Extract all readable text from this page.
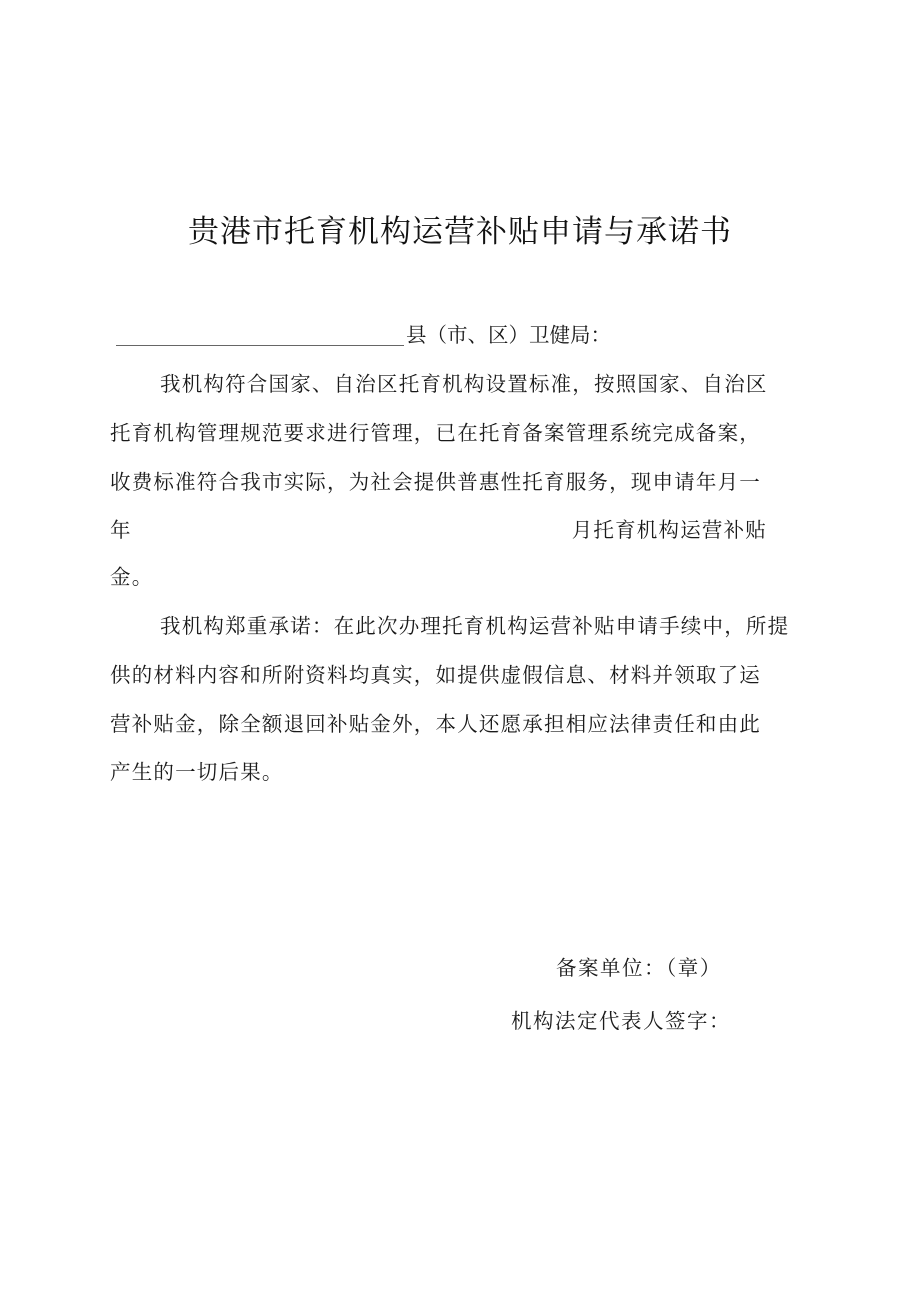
贵港市托育机构运营补贴申请与承诺书
县（市、区）卫健局：
我机构符合国家、自治区托育机构设置标准，按照国家、自治区
托育机构管理规范要求进行管理，已在托育备案管理系统完成备案，
收费标准符合我市实际，为社会提供普惠性托育服务，现申请年月一
年	月托育机构运营补贴
金。
我机构郑重承诺：在此次办理托育机构运营补贴申请手续中，所提
供的材料内容和所附资料均真实，如提供虚假信息、材料并领取了运
营补贴金，除全额退回补贴金外，本人还愿承担相应法律责任和由此
产生的一切后果。
备案单位：（章）
机构法定代表人签字：
